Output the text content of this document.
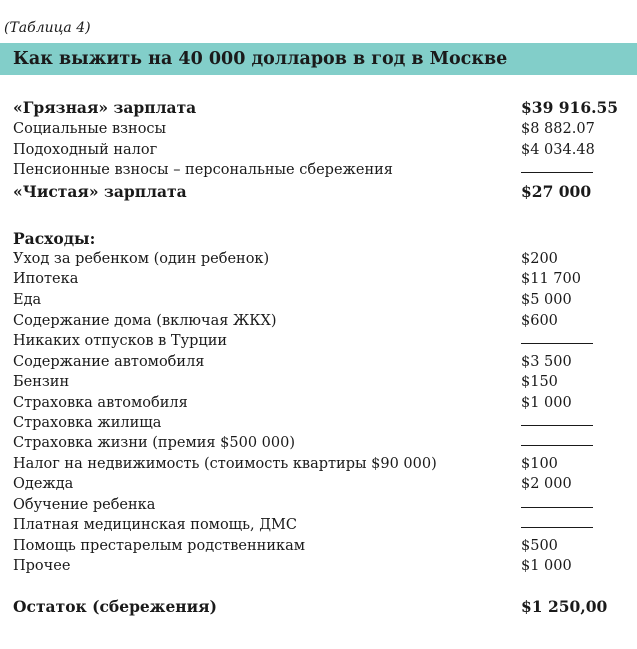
(Таблица 4)
Как выжить на 40 000 долларов в год в Москве
«Грязная» зарплата	$39 916.55
Социальные взносы	$8 882.07
Подоходный налог	$4 034.48
Пенсионные взносы – персональные сбережения
«Чистая» зарплата	$27 000
Расходы:
Уход за ребенком (один ребенок)	$200
Ипотека	$11 700
Еда	$5 000
Содержание дома (включая ЖКХ)	$600
Никаких отпусков в Турции
Содержание автомобиля	$3 500
Бензин	$150
Страховка автомобиля	$1 000
Страховка жилища
Страховка жизни (премия $500 000)
Налог на недвижимость (стоимость квартиры $90 000)	$100
Одежда	$2 000
Обучение ребенка
Платная медицинская помощь, ДМС
Помощь престарелым родственникам	$500
Прочее	$1 000
Остаток (сбережения)	$1 250,00
